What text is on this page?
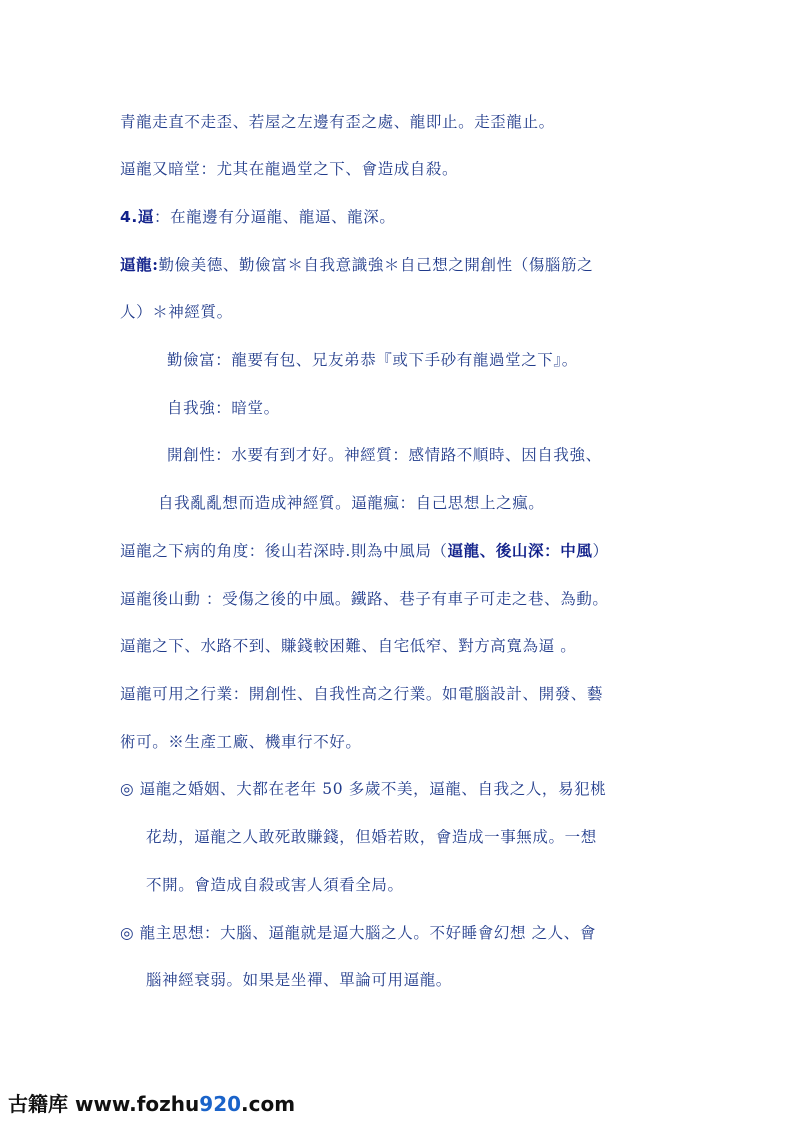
青龍走直不走歪、若屋之左邊有歪之處、龍即止。走歪龍止。
逼龍又暗堂：尤其在龍過堂之下、會造成自殺。
4.逼：在龍邊有分逼龍、龍逼、龍深。
逼龍:勤儉美德、勤儉富＊自我意識強＊自己想之開創性（傷腦筋之
人）＊神經質。
勤儉富：龍要有包、兄友弟恭『或下手砂有龍過堂之下』。
自我強：暗堂。
開創性：水要有到才好。神經質：感情路不順時、因自我強、
自我亂亂想而造成神經質。逼龍瘋：自己思想上之瘋。
逼龍之下病的角度：後山若深時.則為中風局（逼龍、後山深：中風）
逼龍後山動 ：受傷之後的中風。鐵路、巷子有車子可走之巷、為動。
逼龍之下、水路不到、賺錢較困難、自宅低窄、對方高寬為逼 。
逼龍可用之行業：開創性、自我性高之行業。如電腦設計、開發、藝
術可。※生產工廠、機車行不好。
◎ 逼龍之婚姻、大都在老年 50 多歲不美，逼龍、自我之人，易犯桃
花劫，逼龍之人敢死敢賺錢，但婚若敗，會造成一事無成。一想
不開。會造成自殺或害人須看全局。
◎ 龍主思想：大腦、逼龍就是逼大腦之人。不好睡會幻想 之人、會
腦神經衰弱。如果是坐禪、單論可用逼龍。
古籍库 www.fozhu920.com
